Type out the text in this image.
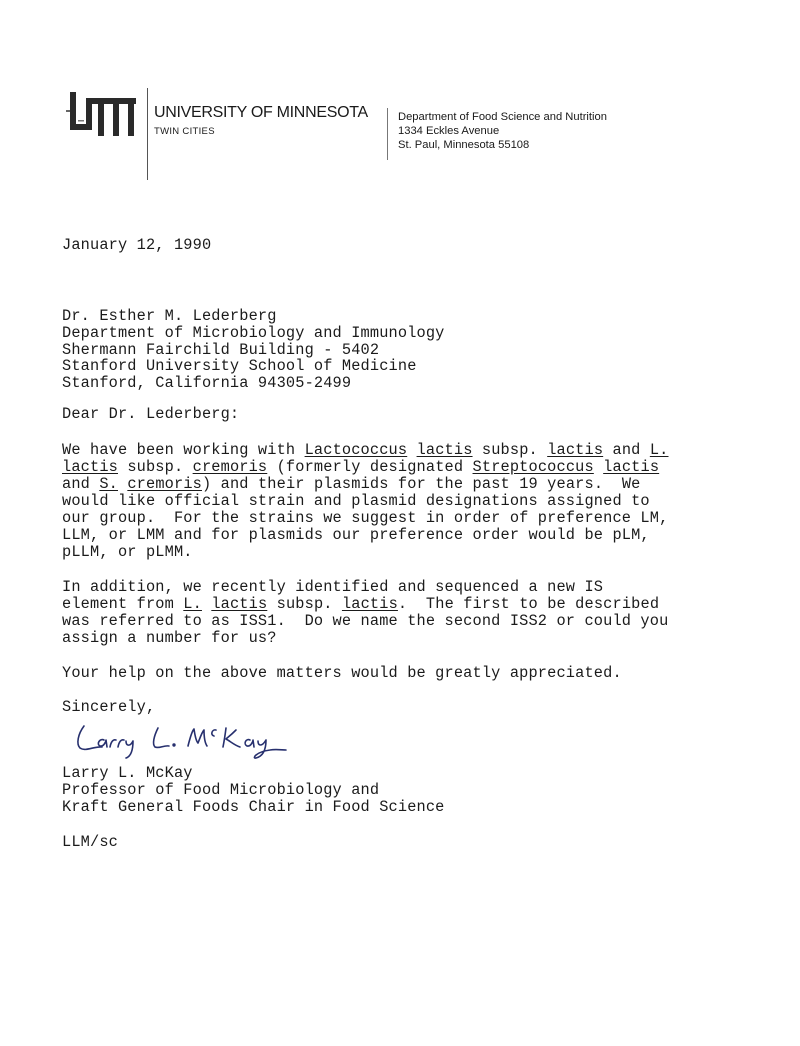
UNIVERSITY OF MINNESOTA
TWIN CITIES
Department of Food Science and Nutrition
1334 Eckles Avenue
St. Paul, Minnesota 55108
January 12, 1990
Dr. Esther M. Lederberg
Department of Microbiology and Immunology
Shermann Fairchild Building - 5402
Stanford University School of Medicine
Stanford, California 94305-2499
Dear Dr. Lederberg:
We have been working with Lactococcus lactis subsp. lactis and L.
lactis subsp. cremoris (formerly designated Streptococcus lactis
and S. cremoris) and their plasmids for the past 19 years.  We
would like official strain and plasmid designations assigned to
our group.  For the strains we suggest in order of preference LM,
LLM, or LMM and for plasmids our preference order would be pLM,
pLLM, or pLMM.
In addition, we recently identified and sequenced a new IS
element from L. lactis subsp. lactis.  The first to be described
was referred to as ISS1.  Do we name the second ISS2 or could you
assign a number for us?
Your help on the above matters would be greatly appreciated.
Sincerely,
Larry L. McKay
Professor of Food Microbiology and
Kraft General Foods Chair in Food Science
LLM/sc
